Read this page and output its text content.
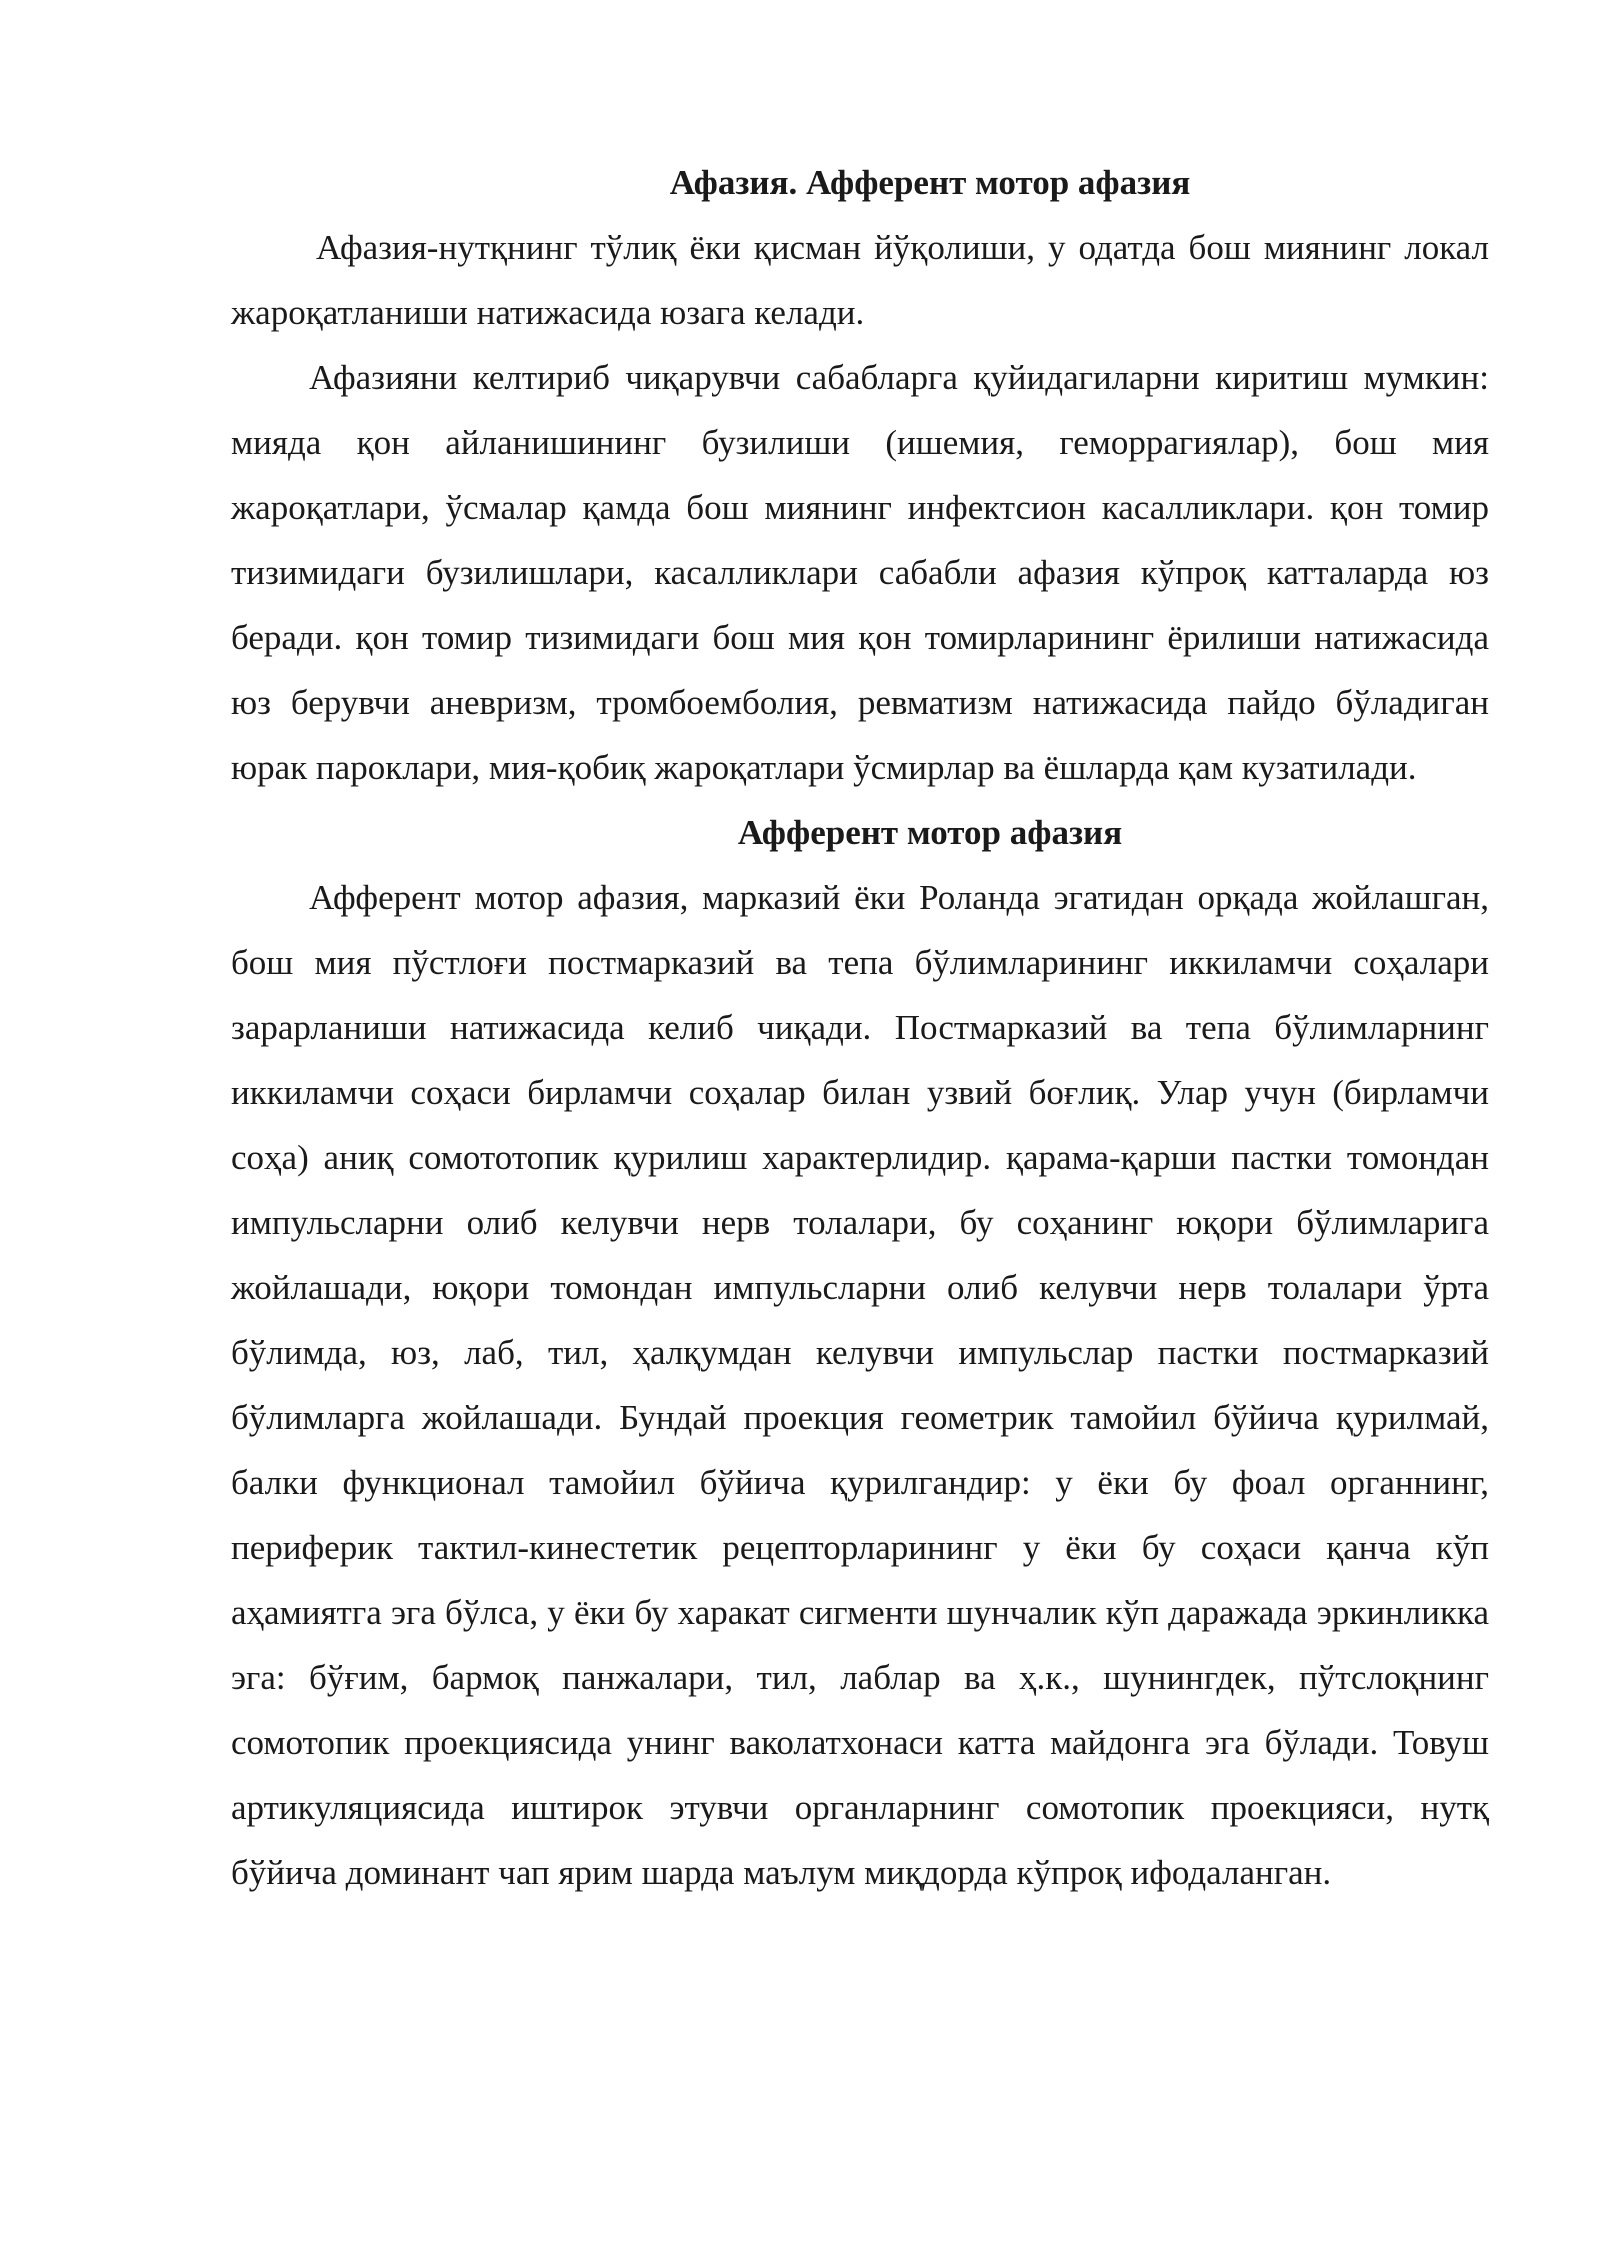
Афазия. Афферент мотор афазия

Афазия-нутқнинг тўлиқ ёки қисман йўқолиши, у одатда бош миянинг локал жароқатланиши натижасида юзага келади.

Афазияни келтириб чиқарувчи сабабларга қуйидагиларни киритиш мумкин: мияда қон айланишининг бузилиши (ишемия, геморрагиялар), бош мия жароқатлари, ўсмалар қамда бош миянинг инфектсион касалликлари. қон томир тизимидаги бузилишлари, касалликлари сабабли афазия кўпроқ катталарда юз беради. қон томир тизимидаги бош мия қон томирларининг ёрилиши натижасида юз берувчи аневризм, тромбоемболия, ревматизм натижасида пайдо бўладиган юрак пароклари, мия-қобиқ жароқатлари ўсмирлар ва ёшларда қам кузатилади.

Афферент мотор афазия

Афферент мотор афазия, марказий ёки Роланда эгатидан орқада жойлашган, бош мия пўстлоғи постмарказий ва тепа бўлимларининг иккиламчи соҳалари зарарланиши натижасида келиб чиқади. Постмарказий ва тепа бўлимларнинг иккиламчи соҳаси бирламчи соҳалар билан узвий боғлиқ. Улар учун (бирламчи соҳа) аниқ сомототопик қурилиш характерлидир. қарама-қарши пастки томондан импульсларни олиб келувчи нерв толалари, бу соҳанинг юқори бўлимларига жойлашади, юқори томондан импульсларни олиб келувчи нерв толалари ўрта бўлимда, юз, лаб, тил, ҳалқумдан келувчи импульслар пастки постмарказий бўлимларга жойлашади. Бундай проекция геометрик тамойил бўйича қурилмай, балки функционал тамойил бўйича қурилгандир: у ёки бу фоал органнинг, периферик тактил-кинестетик рецепторларининг у ёки бу соҳаси қанча кўп аҳамиятга эга бўлса, у ёки бу харакат сигменти шунчалик кўп даражада эркинликка эга: бўғим, бармоқ панжалари, тил, лаблар ва ҳ.к., шунингдек, пўтслоқнинг сомотопик проекциясида унинг ваколатхонаси катта майдонга эга бўлади. Товуш артикуляциясида иштирок этувчи органларнинг сомотопик проекцияси, нутқ бўйича доминант чап ярим шарда маълум миқдорда кўпроқ ифодаланган.
